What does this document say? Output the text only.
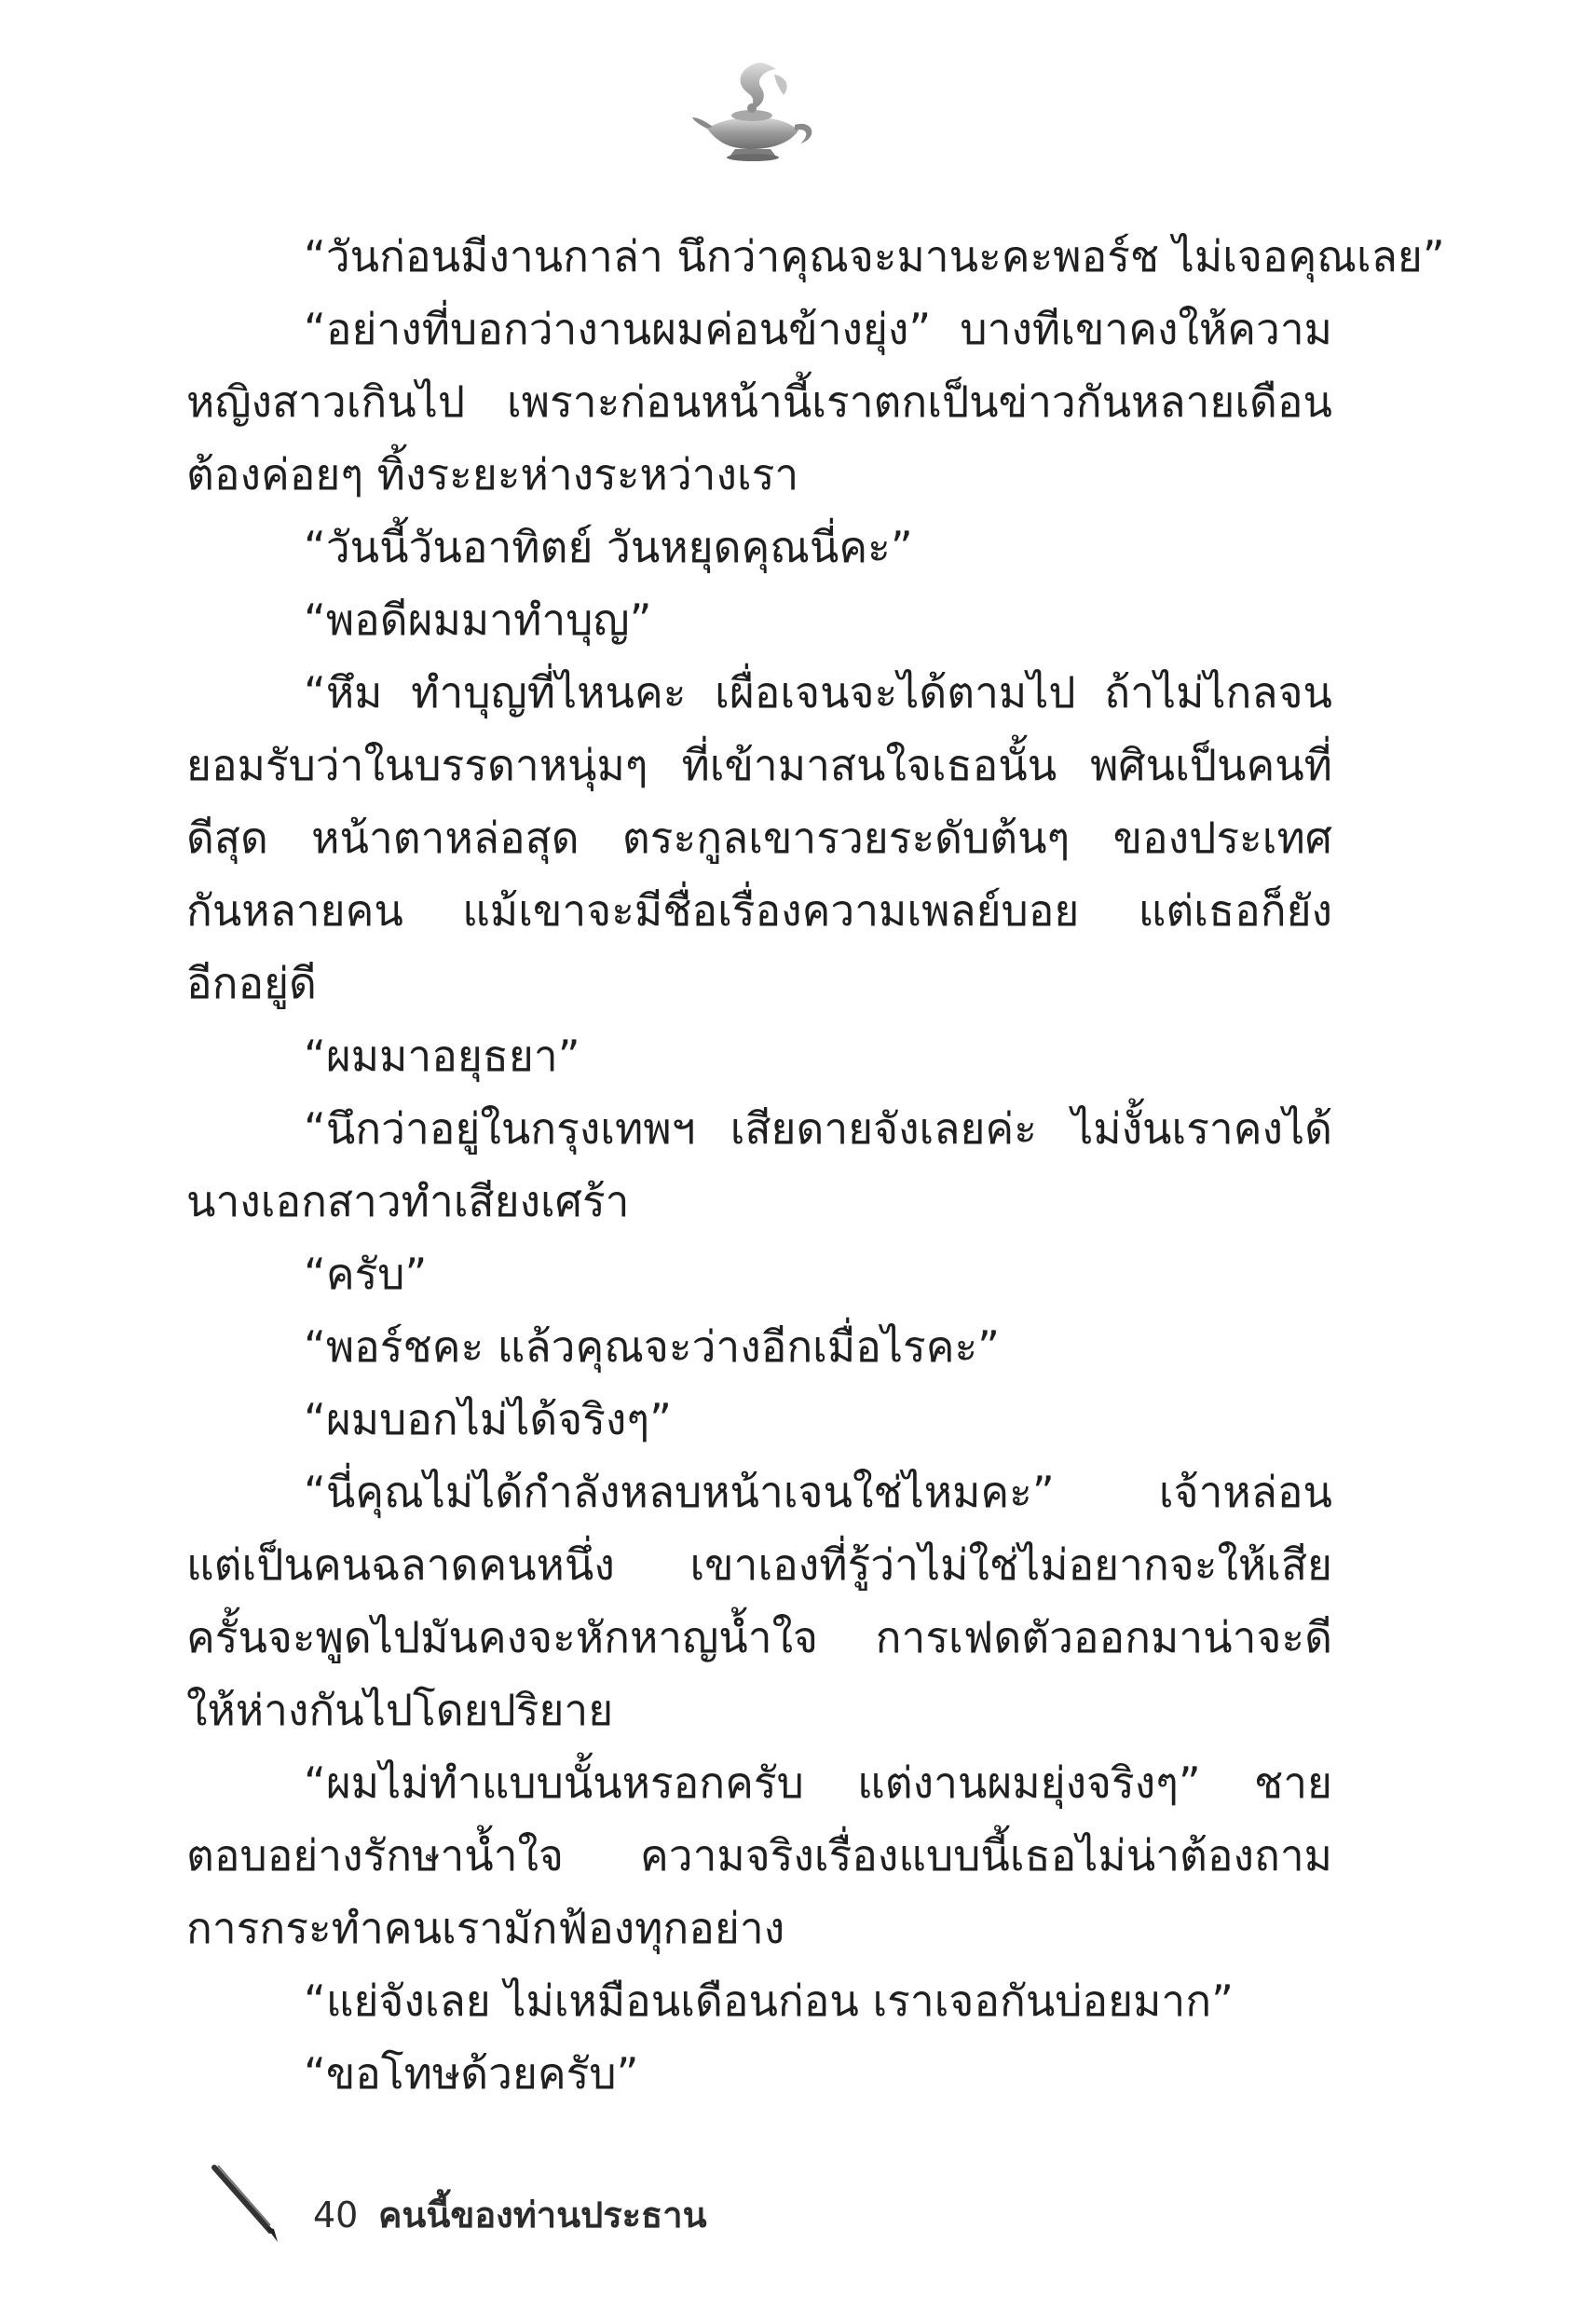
“วันก่อนมีงานกาล่า นึกว่าคุณจะมานะคะพอร์ช ไม่เจอคุณเลย”
“อย่างที่บอกว่างานผมค่อนข้างยุ่ง” บางทีเขาคงให้ความ
หญิงสาวเกินไป เพราะก่อนหน้านี้เราตกเป็นข่าวกันหลายเดือน
ต้องค่อยๆ ทิ้งระยะห่างระหว่างเรา
“วันนี้วันอาทิตย์ วันหยุดคุณนี่คะ”
“พอดีผมมาทำบุญ”
“หึม ทำบุญที่ไหนคะ เผื่อเจนจะได้ตามไป ถ้าไม่ไกลจน
ยอมรับว่าในบรรดาหนุ่มๆ ที่เข้ามาสนใจเธอนั้น พศินเป็นคนที่
ดีสุด หน้าตาหล่อสุด ตระกูลเขารวยระดับต้นๆ ของประเทศ
กันหลายคน แม้เขาจะมีชื่อเรื่องความเพลย์บอย แต่เธอก็ยัง
อีกอยู่ดี
“ผมมาอยุธยา”
“นึกว่าอยู่ในกรุงเทพฯ เสียดายจังเลยค่ะ ไม่งั้นเราคงได้
นางเอกสาวทำเสียงเศร้า
“ครับ”
“พอร์ชคะ แล้วคุณจะว่างอีกเมื่อไรคะ”
“ผมบอกไม่ได้จริงๆ”
“นี่คุณไม่ได้กำลังหลบหน้าเจนใช่ไหมคะ” เจ้าหล่อน
แต่เป็นคนฉลาดคนหนึ่ง เขาเองที่รู้ว่าไม่ใช่ไม่อยากจะให้เสีย
ครั้นจะพูดไปมันคงจะหักหาญน้ำใจ การเฟดตัวออกมาน่าจะดี
ให้ห่างกันไปโดยปริยาย
“ผมไม่ทำแบบนั้นหรอกครับ แต่งานผมยุ่งจริงๆ” ชาย
ตอบอย่างรักษาน้ำใจ ความจริงเรื่องแบบนี้เธอไม่น่าต้องถาม
การกระทำคนเรามักฟ้องทุกอย่าง
“แย่จังเลย ไม่เหมือนเดือนก่อน เราเจอกันบ่อยมาก”
“ขอโทษด้วยครับ”
40 คนนี้ของท่านประธาน
